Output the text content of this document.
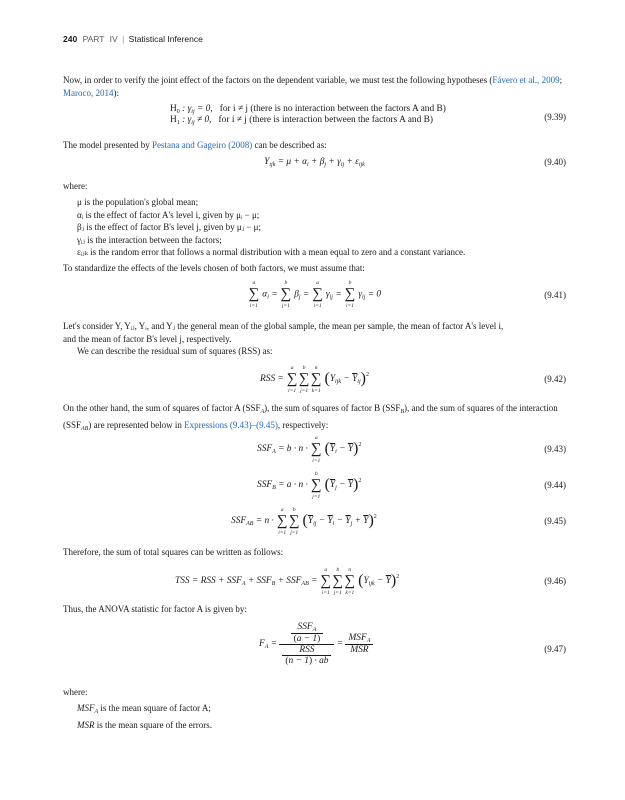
240 PART IV | Statistical Inference
Now, in order to verify the joint effect of the factors on the dependent variable, we must test the following hypotheses (Fávero et al., 2009; Maroco, 2014):
$H_0$ : $\gamma_{ij} = 0$,   for i ≠ j (there is no interaction between the factors A and B)
$H_1$ : $\gamma_{ij} \ne 0$,   for i ≠ j (there is interaction between the factors A and B)	(9.39)
The model presented by Pestana and Gageiro (2008) can be described as:
$Y_{ijk} = \mu + \alpha_i + \beta_j + \gamma_{ij} + \varepsilon_{ijk}$	(9.40)
where:
μ is the population's global mean;
αᵢ is the effect of factor A's level i, given by μᵢ − μ;
βⱼ is the effect of factor B's level j, given by μⱼ − μ;
γᵢⱼ is the interaction between the factors;
εᵢⱼₖ is the random error that follows a normal distribution with a mean equal to zero and a constant variance.
To standardize the effects of the levels chosen of both factors, we must assume that:
∑
a
i=1
$\alpha_i$ = ∑
b
j=1
$\beta_j$ = ∑
a
i=1
$\gamma_{ij}$ = ∑
b
i=1
$\gamma_{ij} = 0$	(9.41)
Let's consider Y, Yᵢⱼ, Yᵢ, and Yⱼ the general mean of the global sample, the mean per sample, the mean of factor A's level i,
and the mean of factor B's level j, respectively.
We can describe the residual sum of squares (RSS) as:
RSS = ∑
a
i=1
∑
b
j=1
∑
n
k=1
$(Y_{ijk} - \overline{Y}_{ij})^2$	(9.42)
On the other hand, the sum of squares of factor A $(SSF_A)$, the sum of squares of factor B $(SSF_B)$, and the sum of squares of the interaction $(SSF_{AB})$ are represented below in Expressions (9.43)–(9.45), respectively:
$SSF_A = b \cdot n$ · ∑
a
i=1
$(\overline{Y}_i - \overline{Y})^2$	(9.43)
$SSF_B = a \cdot n$ · ∑
b
j=1
$(\overline{Y}_j - \overline{Y})^2$	(9.44)
$SSF_{AB} = n$ · ∑
a
i=1
∑
b
j=1
$(\overline{Y}_{ij} - \overline{Y}_i - \overline{Y}_j + \overline{Y})^2$	(9.45)
Therefore, the sum of total squares can be written as follows:
TSS = RSS + $SSF_A + SSF_B + SSF_{AB}$ = ∑
a
i=1
∑
b
j=1
∑
n
k=1
$(Y_{ijk} - \overline{Y})^2$	(9.46)
Thus, the ANOVA statistic for factor A is given by:
$F_A = \frac{\frac{SSF_A}{(a - 1)}}{\frac{\text{RSS}}{(n - 1) \cdot ab}} = \frac{MSF_A}{\text{MSR}}$	(9.47)
where:
$MSF_A$ is the mean square of factor A;
MSR is the mean square of the errors.
